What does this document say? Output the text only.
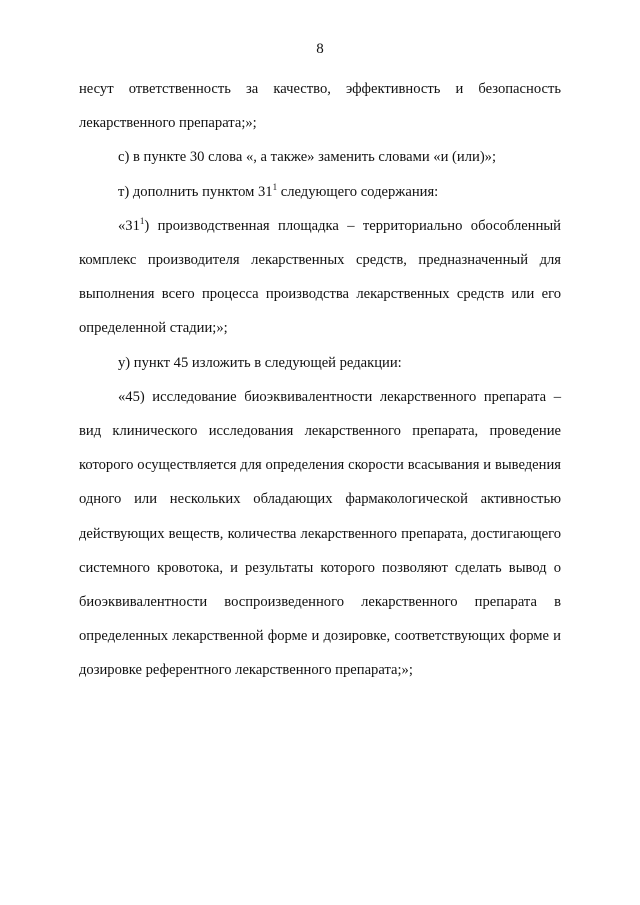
8

несут ответственность за качество, эффективность и безопасность лекарственного препарата;»;

с) в пункте 30 слова «, а также» заменить словами «и (или)»;

т) дополнить пунктом $31^1$ следующего содержания:

«$31^1$) производственная площадка – территориально обособленный комплекс производителя лекарственных средств, предназначенный для выполнения всего процесса производства лекарственных средств или его определенной стадии;»;

у) пункт 45 изложить в следующей редакции:

«45) исследование биоэквивалентности лекарственного препарата – вид клинического исследования лекарственного препарата, проведение которого осуществляется для определения скорости всасывания и выведения одного или нескольких обладающих фармакологической активностью действующих веществ, количества лекарственного препарата, достигающего системного кровотока, и результаты которого позволяют сделать вывод о биоэквивалентности воспроизведенного лекарственного препарата в определенных лекарственной форме и дозировке, соответствующих форме и дозировке референтного лекарственного препарата;»;
